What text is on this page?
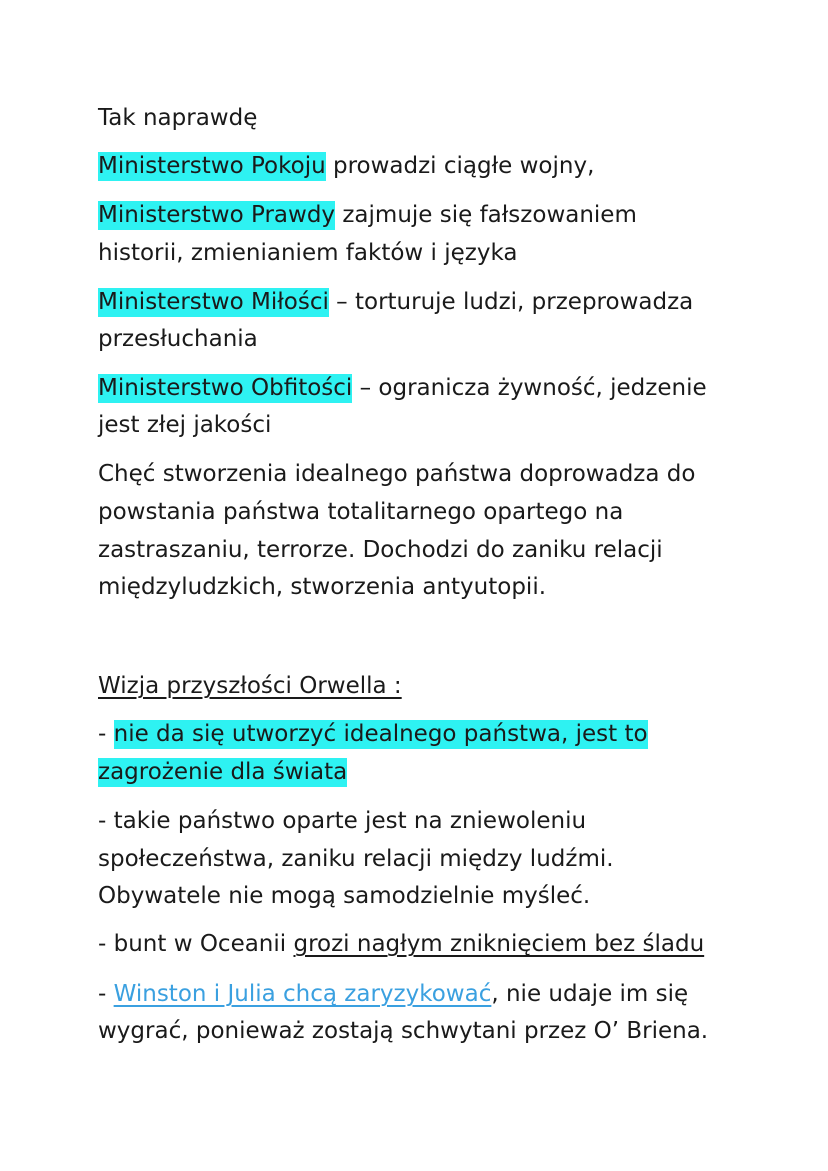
Tak naprawdę
Ministerstwo Pokoju prowadzi ciągłe wojny,
Ministerstwo Prawdy zajmuje się fałszowaniem
historii, zmienianiem faktów i języka
Ministerstwo Miłości – torturuje ludzi, przeprowadza
przesłuchania
Ministerstwo Obfitości – ogranicza żywność, jedzenie
jest złej jakości
Chęć stworzenia idealnego państwa doprowadza do
powstania państwa totalitarnego opartego na
zastraszaniu, terrorze. Dochodzi do zaniku relacji
międzyludzkich, stworzenia antyutopii.
Wizja przyszłości Orwella :
- nie da się utworzyć idealnego państwa, jest to
zagrożenie dla świata
- takie państwo oparte jest na zniewoleniu
społeczeństwa, zaniku relacji między ludźmi.
Obywatele nie mogą samodzielnie myśleć.
- bunt w Oceanii grozi nagłym zniknięciem bez śladu
- Winston i Julia chcą zaryzykować, nie udaje im się
wygrać, ponieważ zostają schwytani przez O’ Briena.
